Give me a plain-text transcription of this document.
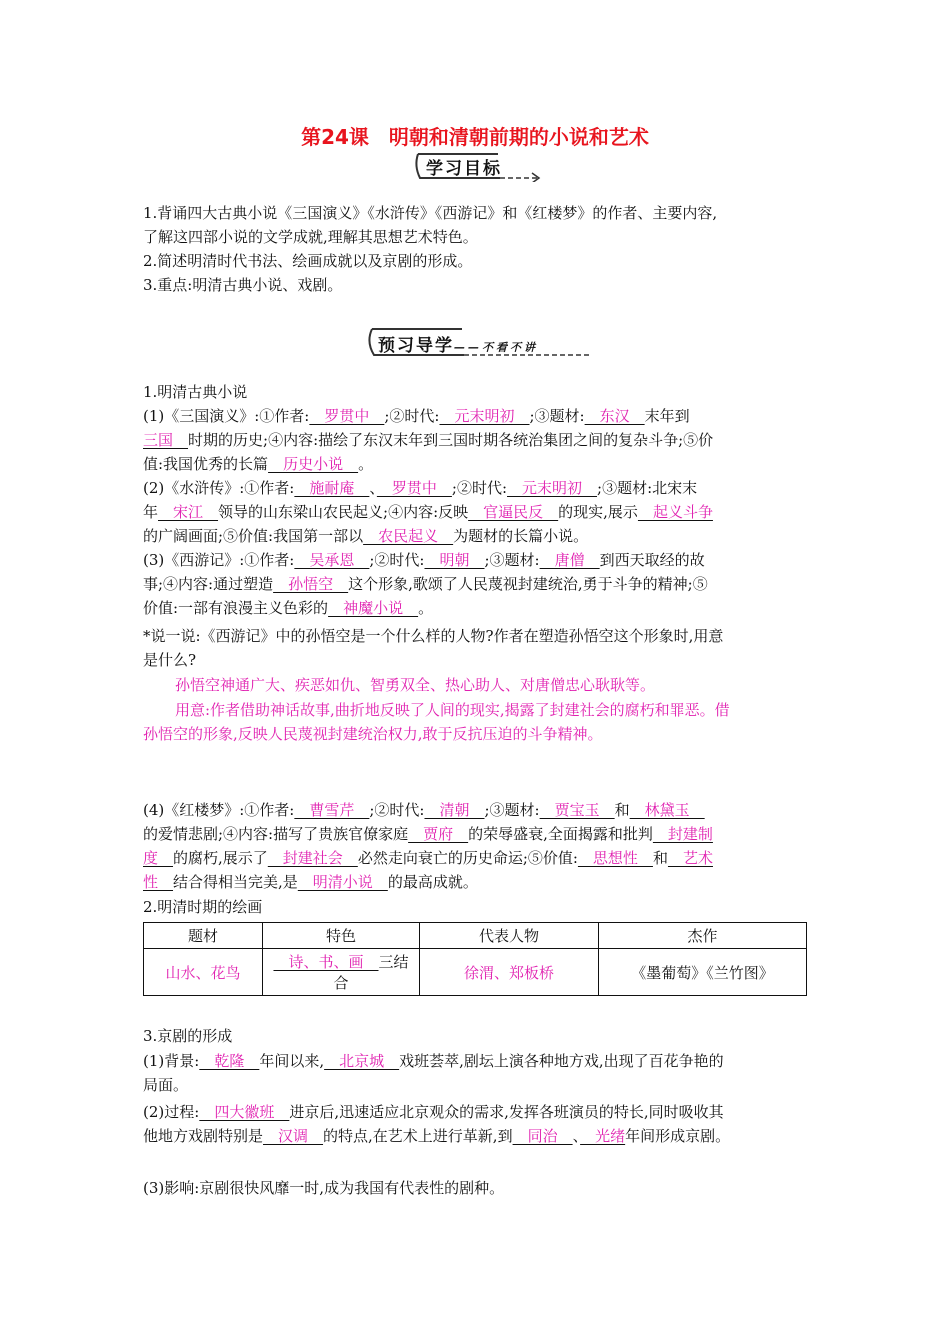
第24课　明朝和清朝前期的小说和艺术
学习目标
1.背诵四大古典小说《三国演义》《水浒传》《西游记》和《红楼梦》的作者、主要内容,
了解这四部小说的文学成就,理解其思想艺术特色。
2.简述明清时代书法、绘画成就以及京剧的形成。
3.重点:明清古典小说、戏剧。
预习导学——不看不讲
1.明清古典小说
(1)《三国演义》:①作者:　罗贯中　;②时代:　元末明初　;③题材:　东汉　末年到
三国　时期的历史;④内容:描绘了东汉末年到三国时期各统治集团之间的复杂斗争;⑤价
值:我国优秀的长篇　历史小说　。
(2)《水浒传》:①作者:　施耐庵　、　罗贯中　;②时代:　元末明初　;③题材:北宋末
年　宋江　领导的山东梁山农民起义;④内容:反映　官逼民反　的现实,展示　起义斗争
的广阔画面;⑤价值:我国第一部以　农民起义　为题材的长篇小说。
(3)《西游记》:①作者:　吴承恩　;②时代:　明朝　;③题材:　唐僧　到西天取经的故
事;④内容:通过塑造　孙悟空　这个形象,歌颂了人民蔑视封建统治,勇于斗争的精神;⑤
价值:一部有浪漫主义色彩的　神魔小说　。
*说一说:《西游记》中的孙悟空是一个什么样的人物?作者在塑造孙悟空这个形象时,用意
是什么?
孙悟空神通广大、疾恶如仇、智勇双全、热心助人、对唐僧忠心耿耿等。
用意:作者借助神话故事,曲折地反映了人间的现实,揭露了封建社会的腐朽和罪恶。借
孙悟空的形象,反映人民蔑视封建统治权力,敢于反抗压迫的斗争精神。
(4)《红楼梦》:①作者:　曹雪芹　;②时代:　清朝　;③题材:　贾宝玉　和　林黛玉　
的爱情悲剧;④内容:描写了贵族官僚家庭　贾府　的荣辱盛衰,全面揭露和批判　封建制
度　的腐朽,展示了　封建社会　必然走向衰亡的历史命运;⑤价值:　思想性　和　艺术
性　结合得相当完美,是　明清小说　的最高成就。
2.明清时期的绘画
题材	特色	代表人物	杰作
山水、花鸟	　诗、书、画　三结
合	徐渭、郑板桥	《墨葡萄》《兰竹图》
3.京剧的形成
(1)背景:　乾隆　年间以来,　北京城　戏班荟萃,剧坛上演各种地方戏,出现了百花争艳的
局面。
(2)过程:　四大徽班　进京后,迅速适应北京观众的需求,发挥各班演员的特长,同时吸收其
他地方戏剧特别是　汉调　的特点,在艺术上进行革新,到　同治　、　光绪年间形成京剧。
(3)影响:京剧很快风靡一时,成为我国有代表性的剧种。
